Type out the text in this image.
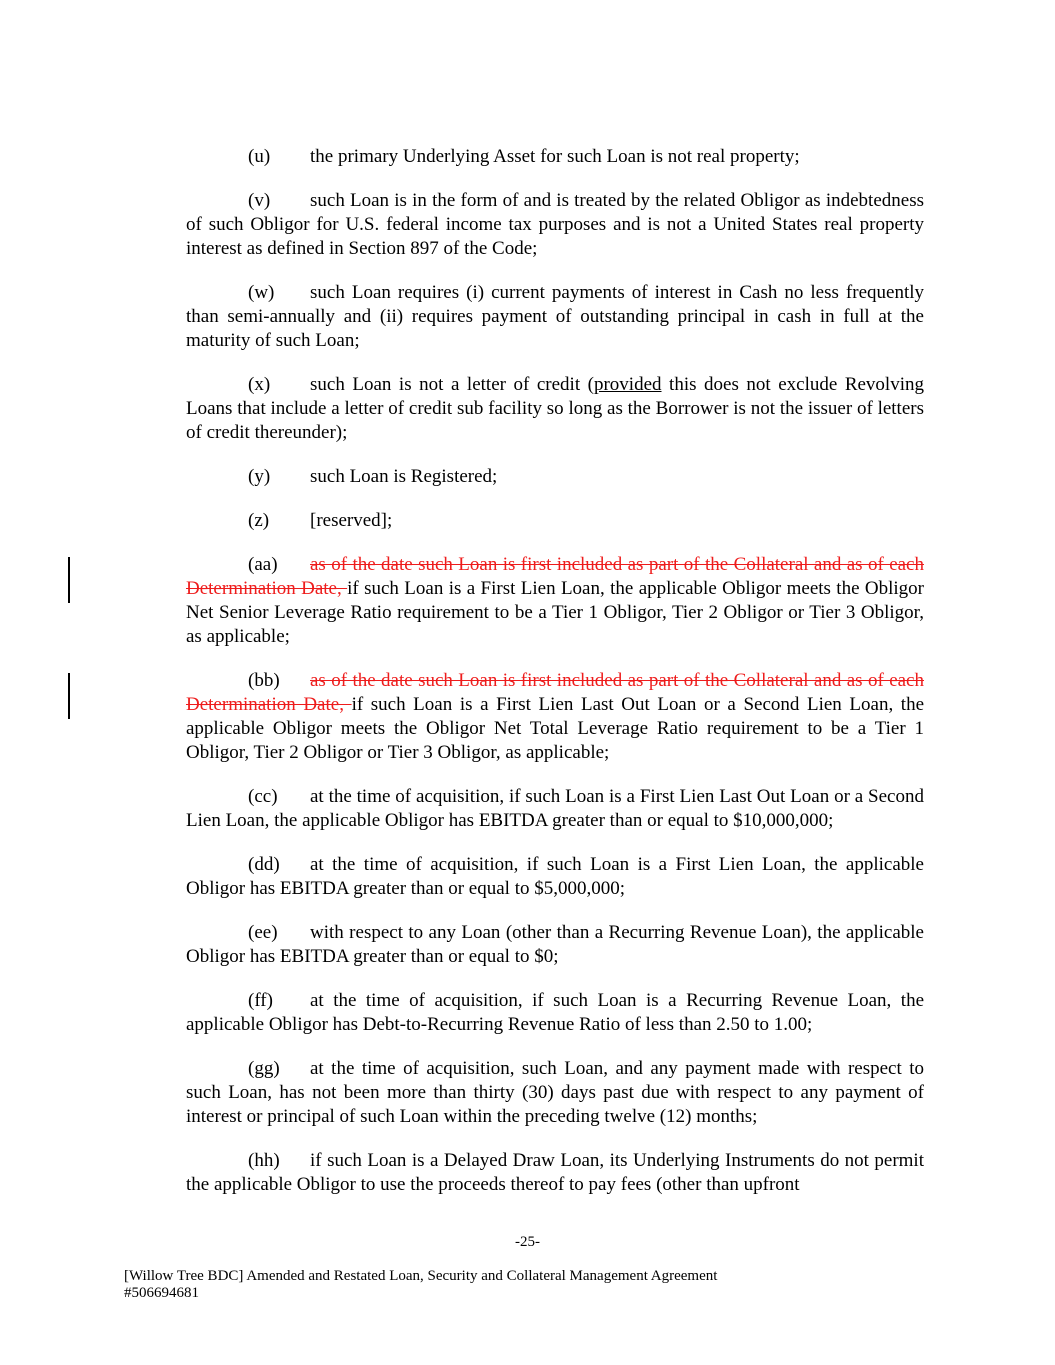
(u) the primary Underlying Asset for such Loan is not real property;

(v) such Loan is in the form of and is treated by the related Obligor as indebtedness of such Obligor for U.S. federal income tax purposes and is not a United States real property interest as defined in Section 897 of the Code;

(w) such Loan requires (i) current payments of interest in Cash no less frequently than semi-annually and (ii) requires payment of outstanding principal in cash in full at the maturity of such Loan;

(x) such Loan is not a letter of credit (provided this does not exclude Revolving Loans that include a letter of credit sub facility so long as the Borrower is not the issuer of letters of credit thereunder);

(y) such Loan is Registered;

(z) [reserved];

(aa) as of the date such Loan is first included as part of the Collateral and as of each Determination Date, if such Loan is a First Lien Loan, the applicable Obligor meets the Obligor Net Senior Leverage Ratio requirement to be a Tier 1 Obligor, Tier 2 Obligor or Tier 3 Obligor, as applicable;

(bb) as of the date such Loan is first included as part of the Collateral and as of each Determination Date, if such Loan is a First Lien Last Out Loan or a Second Lien Loan, the applicable Obligor meets the Obligor Net Total Leverage Ratio requirement to be a Tier 1 Obligor, Tier 2 Obligor or Tier 3 Obligor, as applicable;

(cc) at the time of acquisition, if such Loan is a First Lien Last Out Loan or a Second Lien Loan, the applicable Obligor has EBITDA greater than or equal to $10,000,000;

(dd) at the time of acquisition, if such Loan is a First Lien Loan, the applicable Obligor has EBITDA greater than or equal to $5,000,000;

(ee) with respect to any Loan (other than a Recurring Revenue Loan), the applicable Obligor has EBITDA greater than or equal to $0;

(ff) at the time of acquisition, if such Loan is a Recurring Revenue Loan, the applicable Obligor has Debt-to-Recurring Revenue Ratio of less than 2.50 to 1.00;

(gg) at the time of acquisition, such Loan, and any payment made with respect to such Loan, has not been more than thirty (30) days past due with respect to any payment of interest or principal of such Loan within the preceding twelve (12) months;

(hh) if such Loan is a Delayed Draw Loan, its Underlying Instruments do not permit the applicable Obligor to use the proceeds thereof to pay fees (other than upfront

-25-
[Willow Tree BDC] Amended and Restated Loan, Security and Collateral Management Agreement
#506694681
